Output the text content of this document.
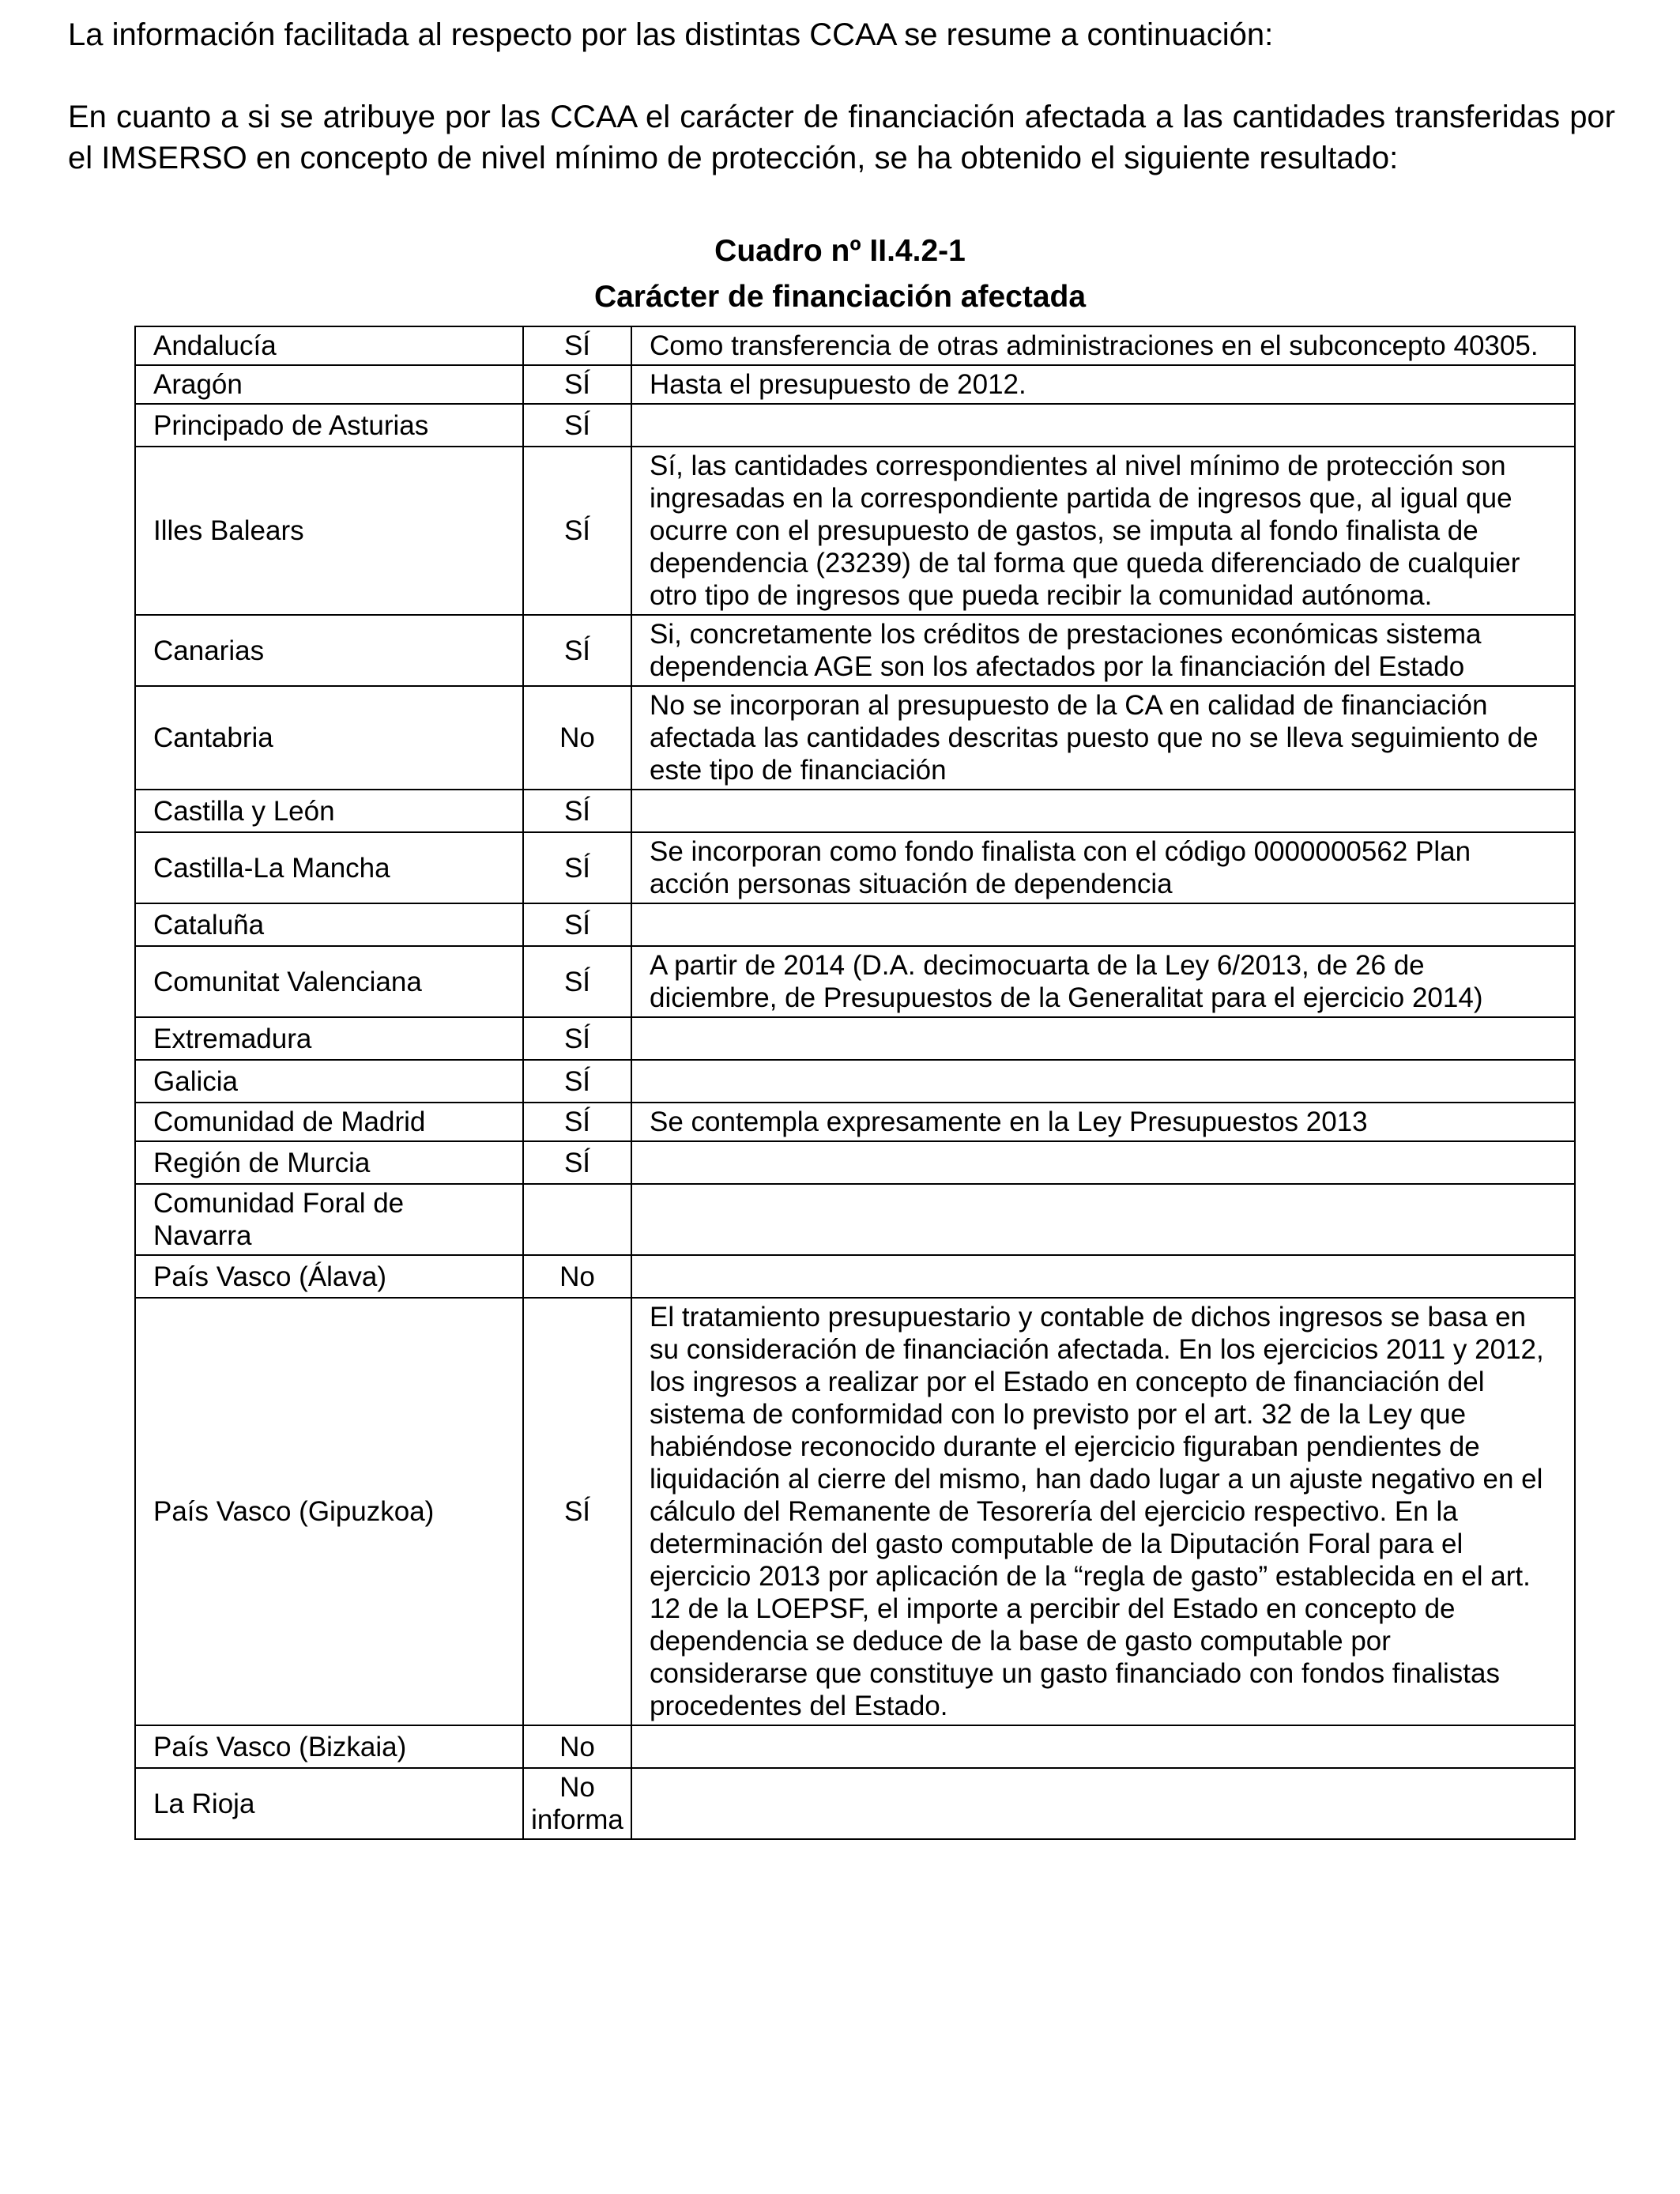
La información facilitada al respecto por las distintas CCAA se resume a continuación:

En cuanto a si se atribuye por las CCAA el carácter de financiación afectada a las cantidades transferidas por el IMSERSO en concepto de nivel mínimo de protección, se ha obtenido el siguiente resultado:

Cuadro nº II.4.2-1

Carácter de financiación afectada

Andalucía	SÍ	Como transferencia de otras administraciones en el subconcepto 40305.
Aragón	SÍ	Hasta el presupuesto de 2012.
Principado de Asturias	SÍ	
Illes Balears	SÍ	Sí, las cantidades correspondientes al nivel mínimo de protección son ingresadas en la correspondiente partida de ingresos que, al igual que ocurre con el presupuesto de gastos, se imputa al fondo finalista de dependencia (23239) de tal forma que queda diferenciado de cualquier otro tipo de ingresos que pueda recibir la comunidad autónoma.
Canarias	SÍ	Si, concretamente los créditos de prestaciones económicas sistema dependencia AGE son los afectados por la financiación del Estado
Cantabria	No	No se incorporan al presupuesto de la CA en calidad de financiación afectada las cantidades descritas puesto que no se lleva seguimiento de este tipo de financiación
Castilla y León	SÍ	
Castilla-La Mancha	SÍ	Se incorporan como fondo finalista con el código 0000000562 Plan acción personas situación de dependencia
Cataluña	SÍ	
Comunitat Valenciana	SÍ	A partir de 2014 (D.A. decimocuarta de la Ley 6/2013, de 26 de diciembre, de Presupuestos de la Generalitat para el ejercicio 2014)
Extremadura	SÍ	
Galicia	SÍ	
Comunidad de Madrid	SÍ	Se contempla expresamente en la Ley Presupuestos 2013
Región de Murcia	SÍ	
Comunidad Foral de Navarra		
País Vasco (Álava)	No	
País Vasco (Gipuzkoa)	SÍ	El tratamiento presupuestario y contable de dichos ingresos se basa en su consideración de financiación afectada. En los ejercicios 2011 y 2012, los ingresos a realizar por el Estado en concepto de financiación del sistema de conformidad con lo previsto por el art. 32 de la Ley que habiéndose reconocido durante el ejercicio figuraban pendientes de liquidación al cierre del mismo, han dado lugar a un ajuste negativo en el cálculo del Remanente de Tesorería del ejercicio respectivo. En la determinación del gasto computable de la Diputación Foral para el ejercicio 2013 por aplicación de la “regla de gasto” establecida en el art. 12 de la LOEPSF, el importe a percibir del Estado en concepto de dependencia se deduce de la base de gasto computable por considerarse que constituye un gasto financiado con fondos finalistas procedentes del Estado.
País Vasco (Bizkaia)	No	
La Rioja	No informa	
